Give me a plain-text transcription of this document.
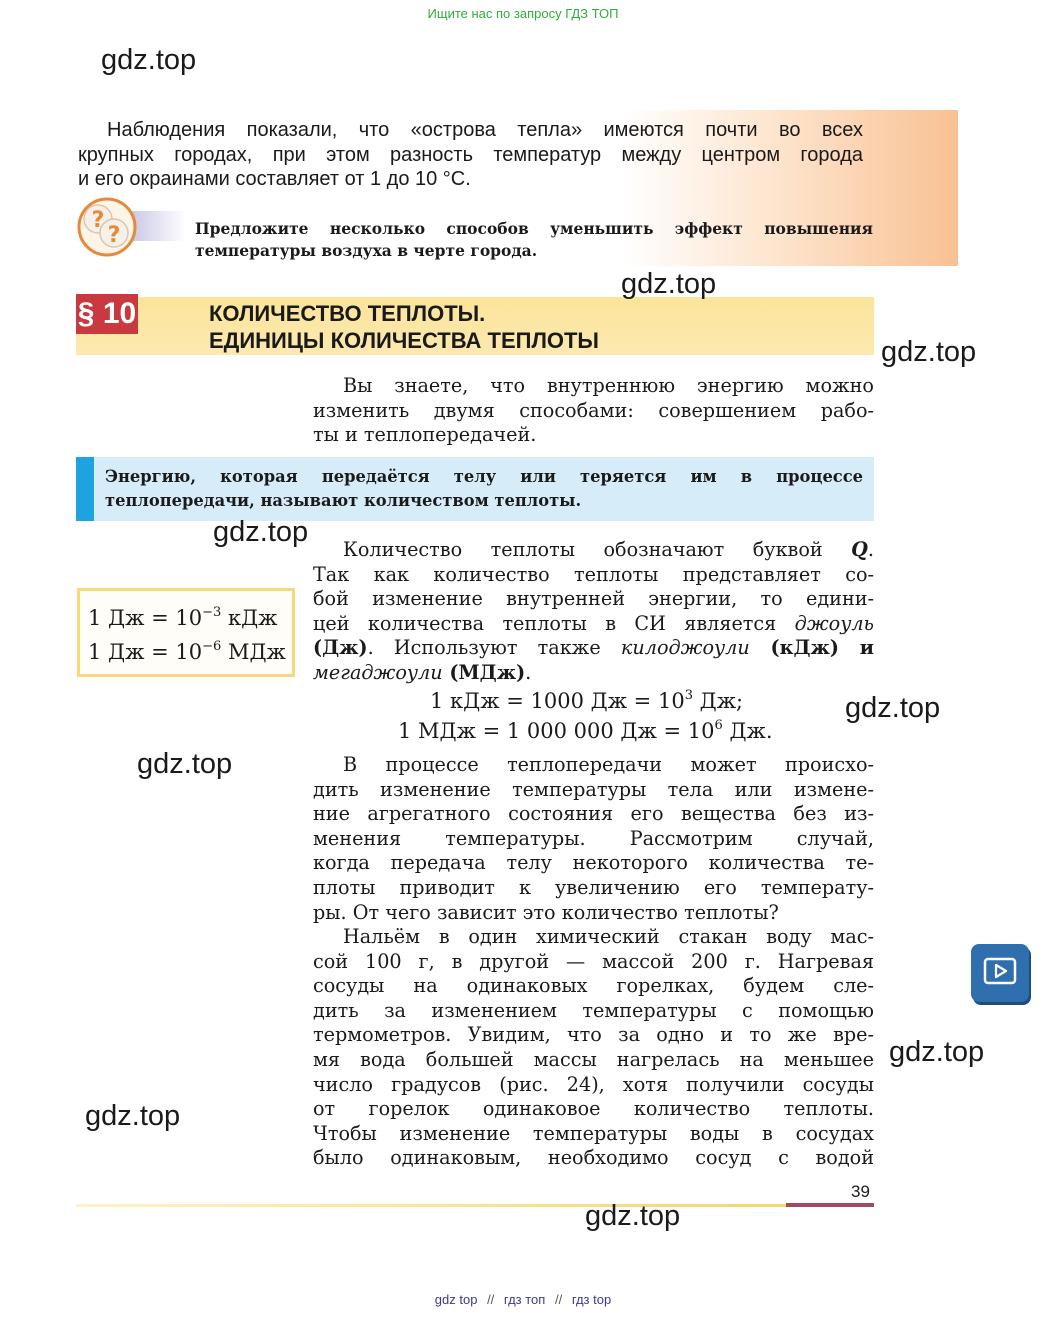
Ищите нас по запросу ГДЗ ТОП
Наблюдения показали, что «острова тепла» имеются почти во всех
крупных городах, при этом разность температур между центром города
и его окраинами составляет от 1 до 10 °С.
?
?	Предложите несколько способов уменьшить эффект повышения температуры воздуха в черте города.
§ 10	КОЛИЧЕСТВО ТЕПЛОТЫ.
ЕДИНИЦЫ КОЛИЧЕСТВА ТЕПЛОТЫ
Вы знаете, что внутреннюю энергию можно
изменить двумя способами: совершением рабо-
ты и теплопередачей.
Энергию, которая передаётся телу или теряется им в процессе теплопередачи, называют количеством теплоты.
1 Дж = $10^{-3}$ кДж
1 Дж = $10^{-6}$ МДж
Количество теплоты обозначают буквой Q.
Так как количество теплоты представляет со-
бой изменение внутренней энергии, то едини-
цей количества теплоты в СИ является джоуль
(Дж). Используют также килоджоули (кДж) и
мегаджоули (МДж).
1 кДж = 1000 Дж = $10^3$ Дж;
1 МДж = 1 000 000 Дж = $10^6$ Дж.
В процессе теплопередачи может происхо-
дить изменение температуры тела или измене-
ние агрегатного состояния его вещества без из-
менения температуры. Рассмотрим случай,
когда передача телу некоторого количества те-
плоты приводит к увеличению его температу-
ры. От чего зависит это количество теплоты?
Нальём в один химический стакан воду мас-
сой 100 г, в другой — массой 200 г. Нагревая
сосуды на одинаковых горелках, будем сле-
дить за изменением температуры с помощью
термометров. Увидим, что за одно и то же вре-
мя вода большей массы нагрелась на меньшее
число градусов (рис. 24), хотя получили сосуды
от горелок одинаковое количество теплоты.
Чтобы изменение температуры воды в сосудах
было одинаковым, необходимо сосуд с водой
39
gdz.top
gdz.top
gdz.top
gdz.top
gdz.top
gdz.top
gdz.top
gdz.top
gdz.top
gdz top // гдз топ // гдз top
